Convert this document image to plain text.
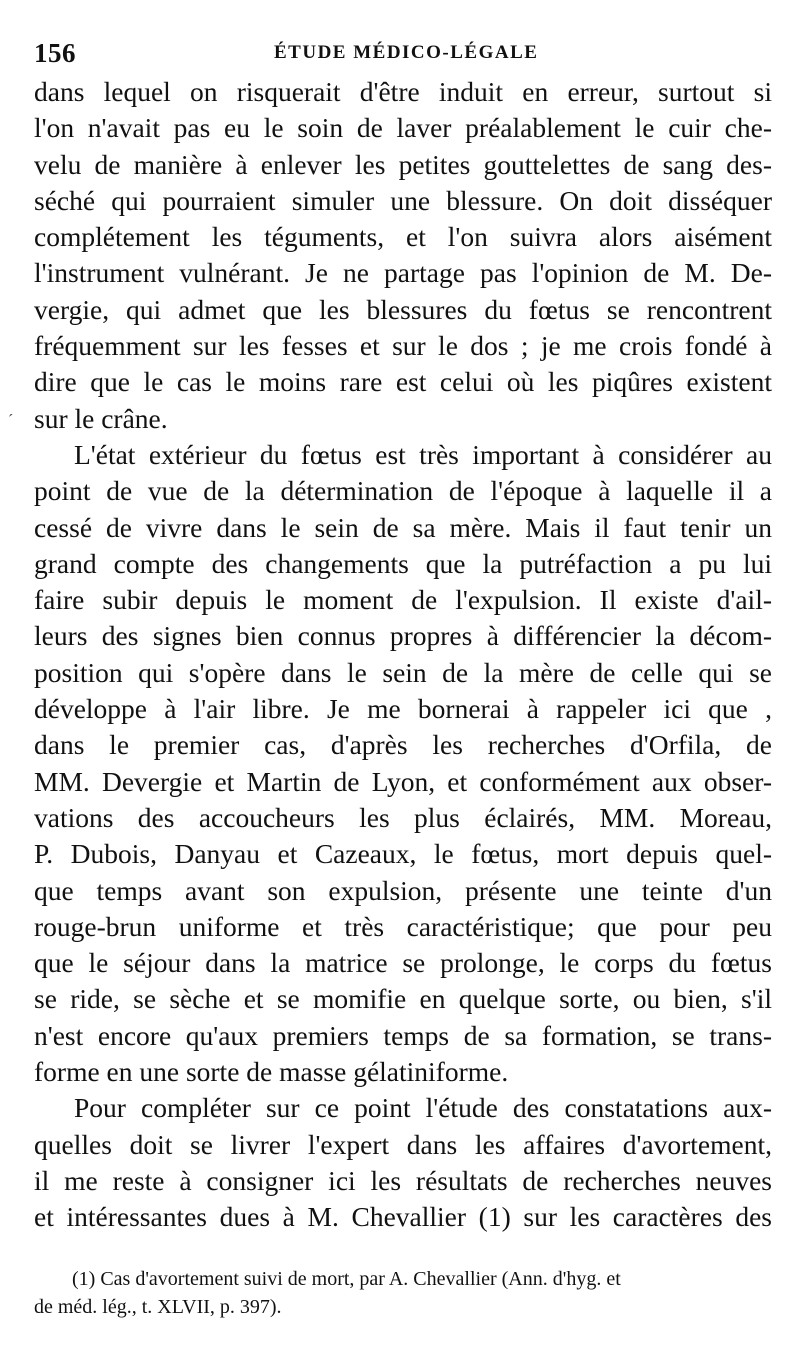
156	ÉTUDE MÉDICO-LÉGALE
´
dans lequel on risquerait d'être induit en erreur, surtout si
l'on n'avait pas eu le soin de laver préalablement le cuir che-
velu de manière à enlever les petites gouttelettes de sang des-
séché qui pourraient simuler une blessure. On doit disséquer
complétement les téguments, et l'on suivra alors aisément
l'instrument vulnérant. Je ne partage pas l'opinion de M. De-
vergie, qui admet que les blessures du fœtus se rencontrent
fréquemment sur les fesses et sur le dos ; je me crois fondé à
dire que le cas le moins rare est celui où les piqûres existent
sur le crâne.
L'état extérieur du fœtus est très important à considérer au
point de vue de la détermination de l'époque à laquelle il a
cessé de vivre dans le sein de sa mère. Mais il faut tenir un
grand compte des changements que la putréfaction a pu lui
faire subir depuis le moment de l'expulsion. Il existe d'ail-
leurs des signes bien connus propres à différencier la décom-
position qui s'opère dans le sein de la mère de celle qui se
développe à l'air libre. Je me bornerai à rappeler ici que ,
dans le premier cas, d'après les recherches d'Orfila, de
MM. Devergie et Martin de Lyon, et conformément aux obser-
vations des accoucheurs les plus éclairés, MM. Moreau,
P. Dubois, Danyau et Cazeaux, le fœtus, mort depuis quel-
que temps avant son expulsion, présente une teinte d'un
rouge-brun uniforme et très caractéristique; que pour peu
que le séjour dans la matrice se prolonge, le corps du fœtus
se ride, se sèche et se momifie en quelque sorte, ou bien, s'il
n'est encore qu'aux premiers temps de sa formation, se trans-
forme en une sorte de masse gélatiniforme.
Pour compléter sur ce point l'étude des constatations aux-
quelles doit se livrer l'expert dans les affaires d'avortement,
il me reste à consigner ici les résultats de recherches neuves
et intéressantes dues à M. Chevallier (1) sur les caractères des
(1) Cas d'avortement suivi de mort, par A. Chevallier (Ann. d'hyg. et
de méd. lég., t. XLVII, p. 397).
